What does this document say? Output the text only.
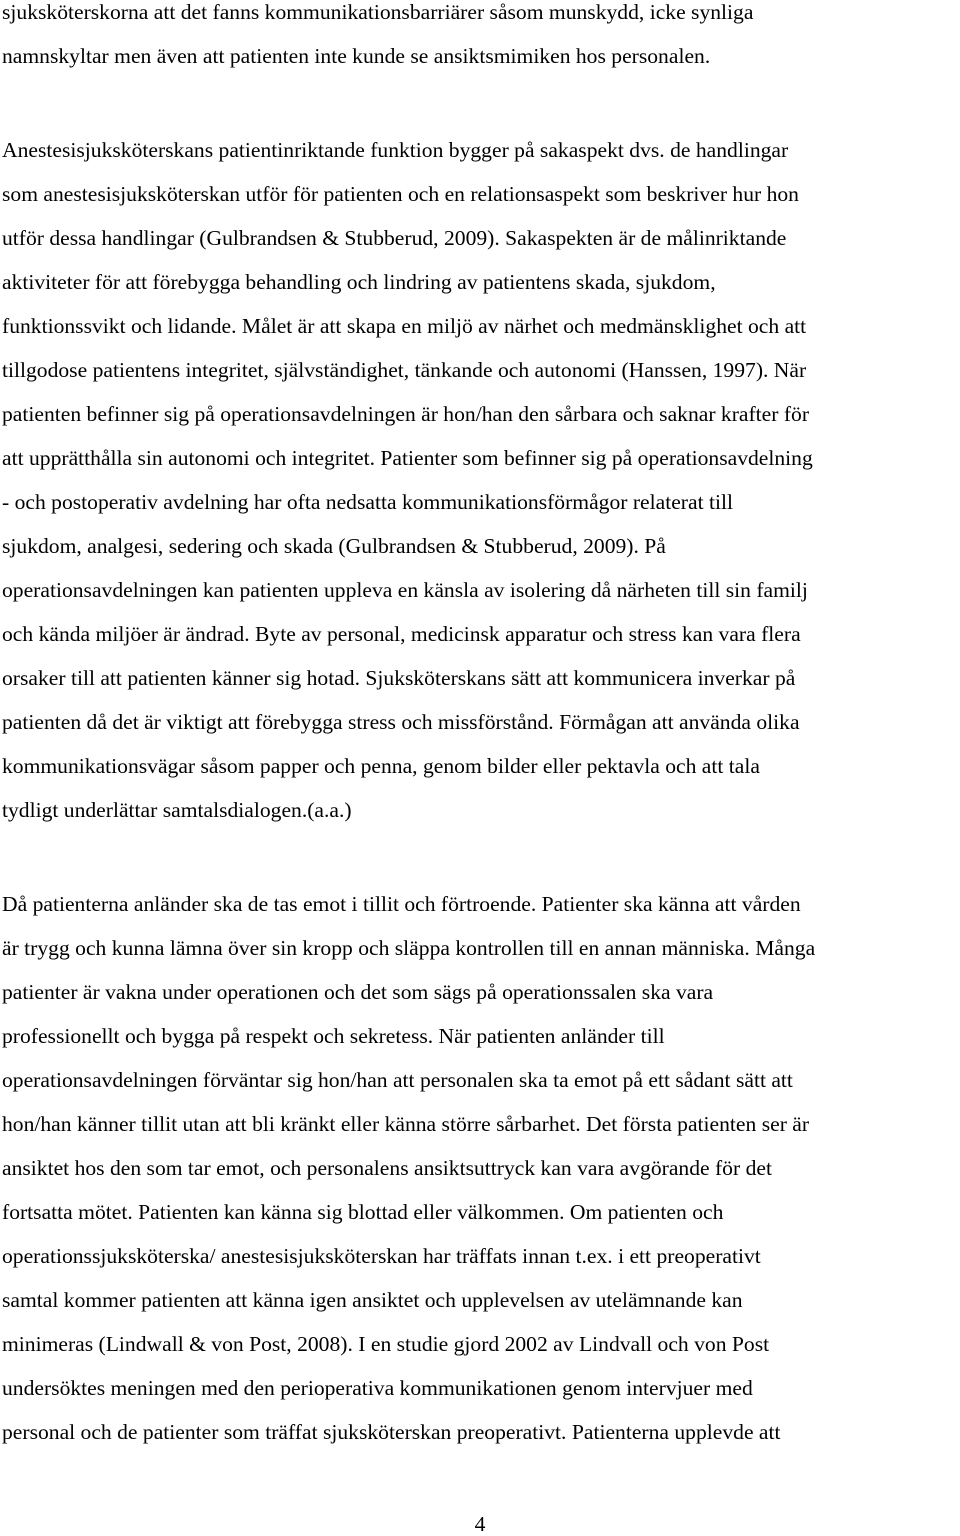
sjuksköterskorna att det fanns kommunikationsbarriärer såsom munskydd, icke synliga
namnskyltar men även att patienten inte kunde se ansiktsmimiken hos personalen.
Anestesisjuksköterskans patientinriktande funktion bygger på sakaspekt dvs. de handlingar
som anestesisjuksköterskan utför för patienten och en relationsaspekt som beskriver hur hon
utför dessa handlingar (Gulbrandsen & Stubberud, 2009). Sakaspekten är de målinriktande
aktiviteter för att förebygga behandling och lindring av patientens skada, sjukdom,
funktionssvikt och lidande. Målet är att skapa en miljö av närhet och medmänsklighet och att
tillgodose patientens integritet, självständighet, tänkande och autonomi (Hanssen, 1997). När
patienten befinner sig på operationsavdelningen är hon/han den sårbara och saknar krafter för
att upprätthålla sin autonomi och integritet. Patienter som befinner sig på operationsavdelning
- och postoperativ avdelning har ofta nedsatta kommunikationsförmågor relaterat till
sjukdom, analgesi, sedering och skada (Gulbrandsen & Stubberud, 2009). På
operationsavdelningen kan patienten uppleva en känsla av isolering då närheten till sin familj
och kända miljöer är ändrad. Byte av personal, medicinsk apparatur och stress kan vara flera
orsaker till att patienten känner sig hotad. Sjuksköterskans sätt att kommunicera inverkar på
patienten då det är viktigt att förebygga stress och missförstånd. Förmågan att använda olika
kommunikationsvägar såsom papper och penna, genom bilder eller pektavla och att tala
tydligt underlättar samtalsdialogen.(a.a.)
Då patienterna anländer ska de tas emot i tillit och förtroende. Patienter ska känna att vården
är trygg och kunna lämna över sin kropp och släppa kontrollen till en annan människa. Många
patienter är vakna under operationen och det som sägs på operationssalen ska vara
professionellt och bygga på respekt och sekretess. När patienten anländer till
operationsavdelningen förväntar sig hon/han att personalen ska ta emot på ett sådant sätt att
hon/han känner tillit utan att bli kränkt eller känna större sårbarhet. Det första patienten ser är
ansiktet hos den som tar emot, och personalens ansiktsuttryck kan vara avgörande för det
fortsatta mötet. Patienten kan känna sig blottad eller välkommen. Om patienten och
operationssjuksköterska/ anestesisjuksköterskan har träffats innan t.ex. i ett preoperativt
samtal kommer patienten att känna igen ansiktet och upplevelsen av utelämnande kan
minimeras (Lindwall & von Post, 2008). I en studie gjord 2002 av Lindvall och von Post
undersöktes meningen med den perioperativa kommunikationen genom intervjuer med
personal och de patienter som träffat sjuksköterskan preoperativt. Patienterna upplevde att
4
